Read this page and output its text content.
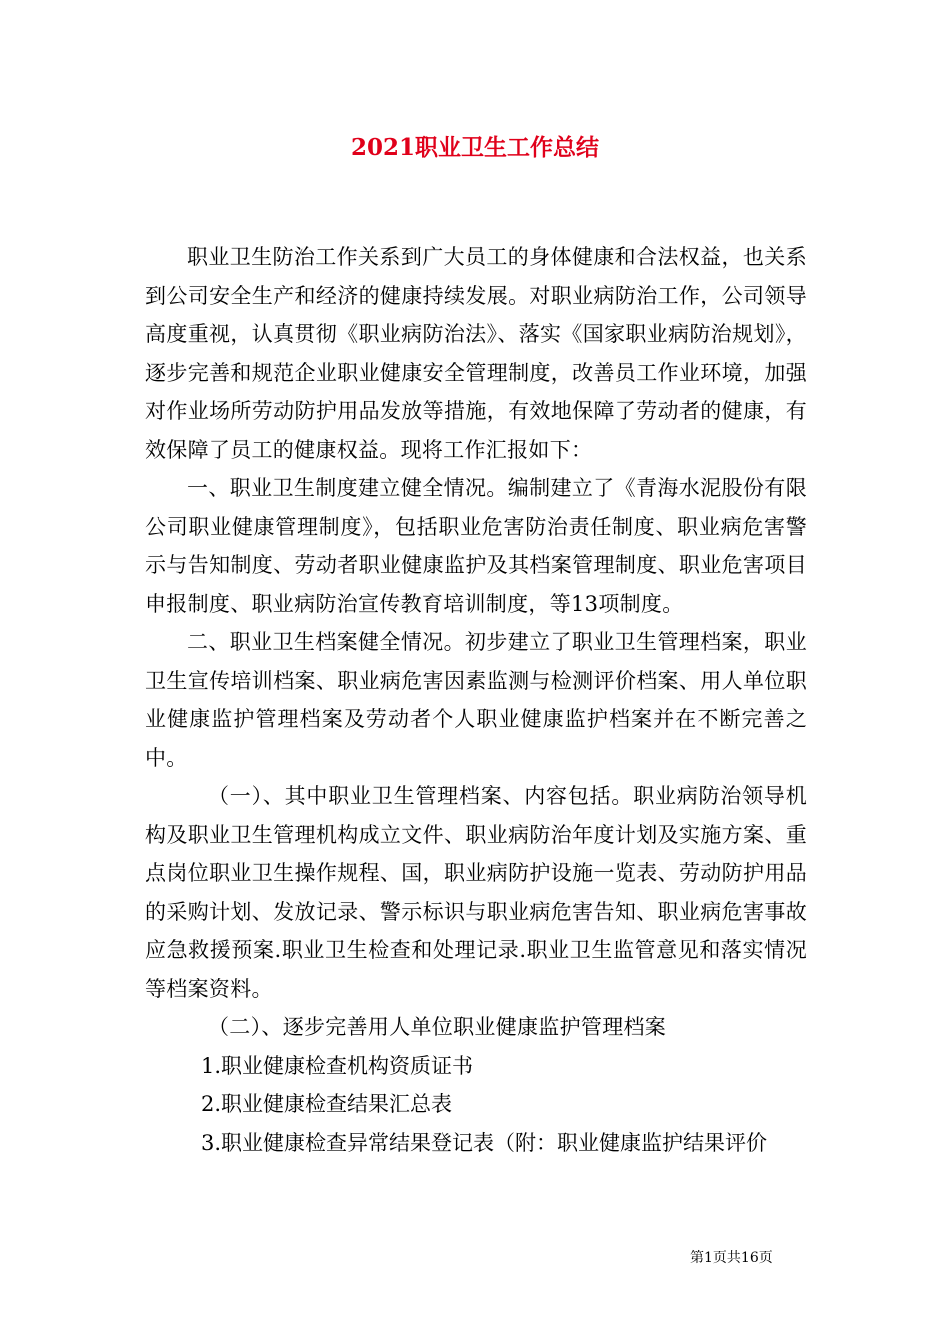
2021职业卫生工作总结

职业卫生防治工作关系到广大员工的身体健康和合法权益，也关系到公司安全生产和经济的健康持续发展。对职业病防治工作，公司领导高度重视，认真贯彻《职业病防治法》、落实《国家职业病防治规划》，逐步完善和规范企业职业健康安全管理制度，改善员工作业环境，加强对作业场所劳动防护用品发放等措施，有效地保障了劳动者的健康，有效保障了员工的健康权益。现将工作汇报如下：

一、职业卫生制度建立健全情况。编制建立了《青海水泥股份有限公司职业健康管理制度》，包括职业危害防治责任制度、职业病危害警示与告知制度、劳动者职业健康监护及其档案管理制度、职业危害项目申报制度、职业病防治宣传教育培训制度，等13项制度。

二、职业卫生档案健全情况。初步建立了职业卫生管理档案，职业卫生宣传培训档案、职业病危害因素监测与检测评价档案、用人单位职业健康监护管理档案及劳动者个人职业健康监护档案并在不断完善之中。

（一）、其中职业卫生管理档案、内容包括。职业病防治领导机构及职业卫生管理机构成立文件、职业病防治年度计划及实施方案、重点岗位职业卫生操作规程、国，职业病防护设施一览表、劳动防护用品的采购计划、发放记录、警示标识与职业病危害告知、职业病危害事故应急救援预案.职业卫生检查和处理记录.职业卫生监管意见和落实情况等档案资料。

（二）、逐步完善用人单位职业健康监护管理档案

1.职业健康检查机构资质证书

2.职业健康检查结果汇总表

3.职业健康检查异常结果登记表（附：职业健康监护结果评价

第1页共16页
